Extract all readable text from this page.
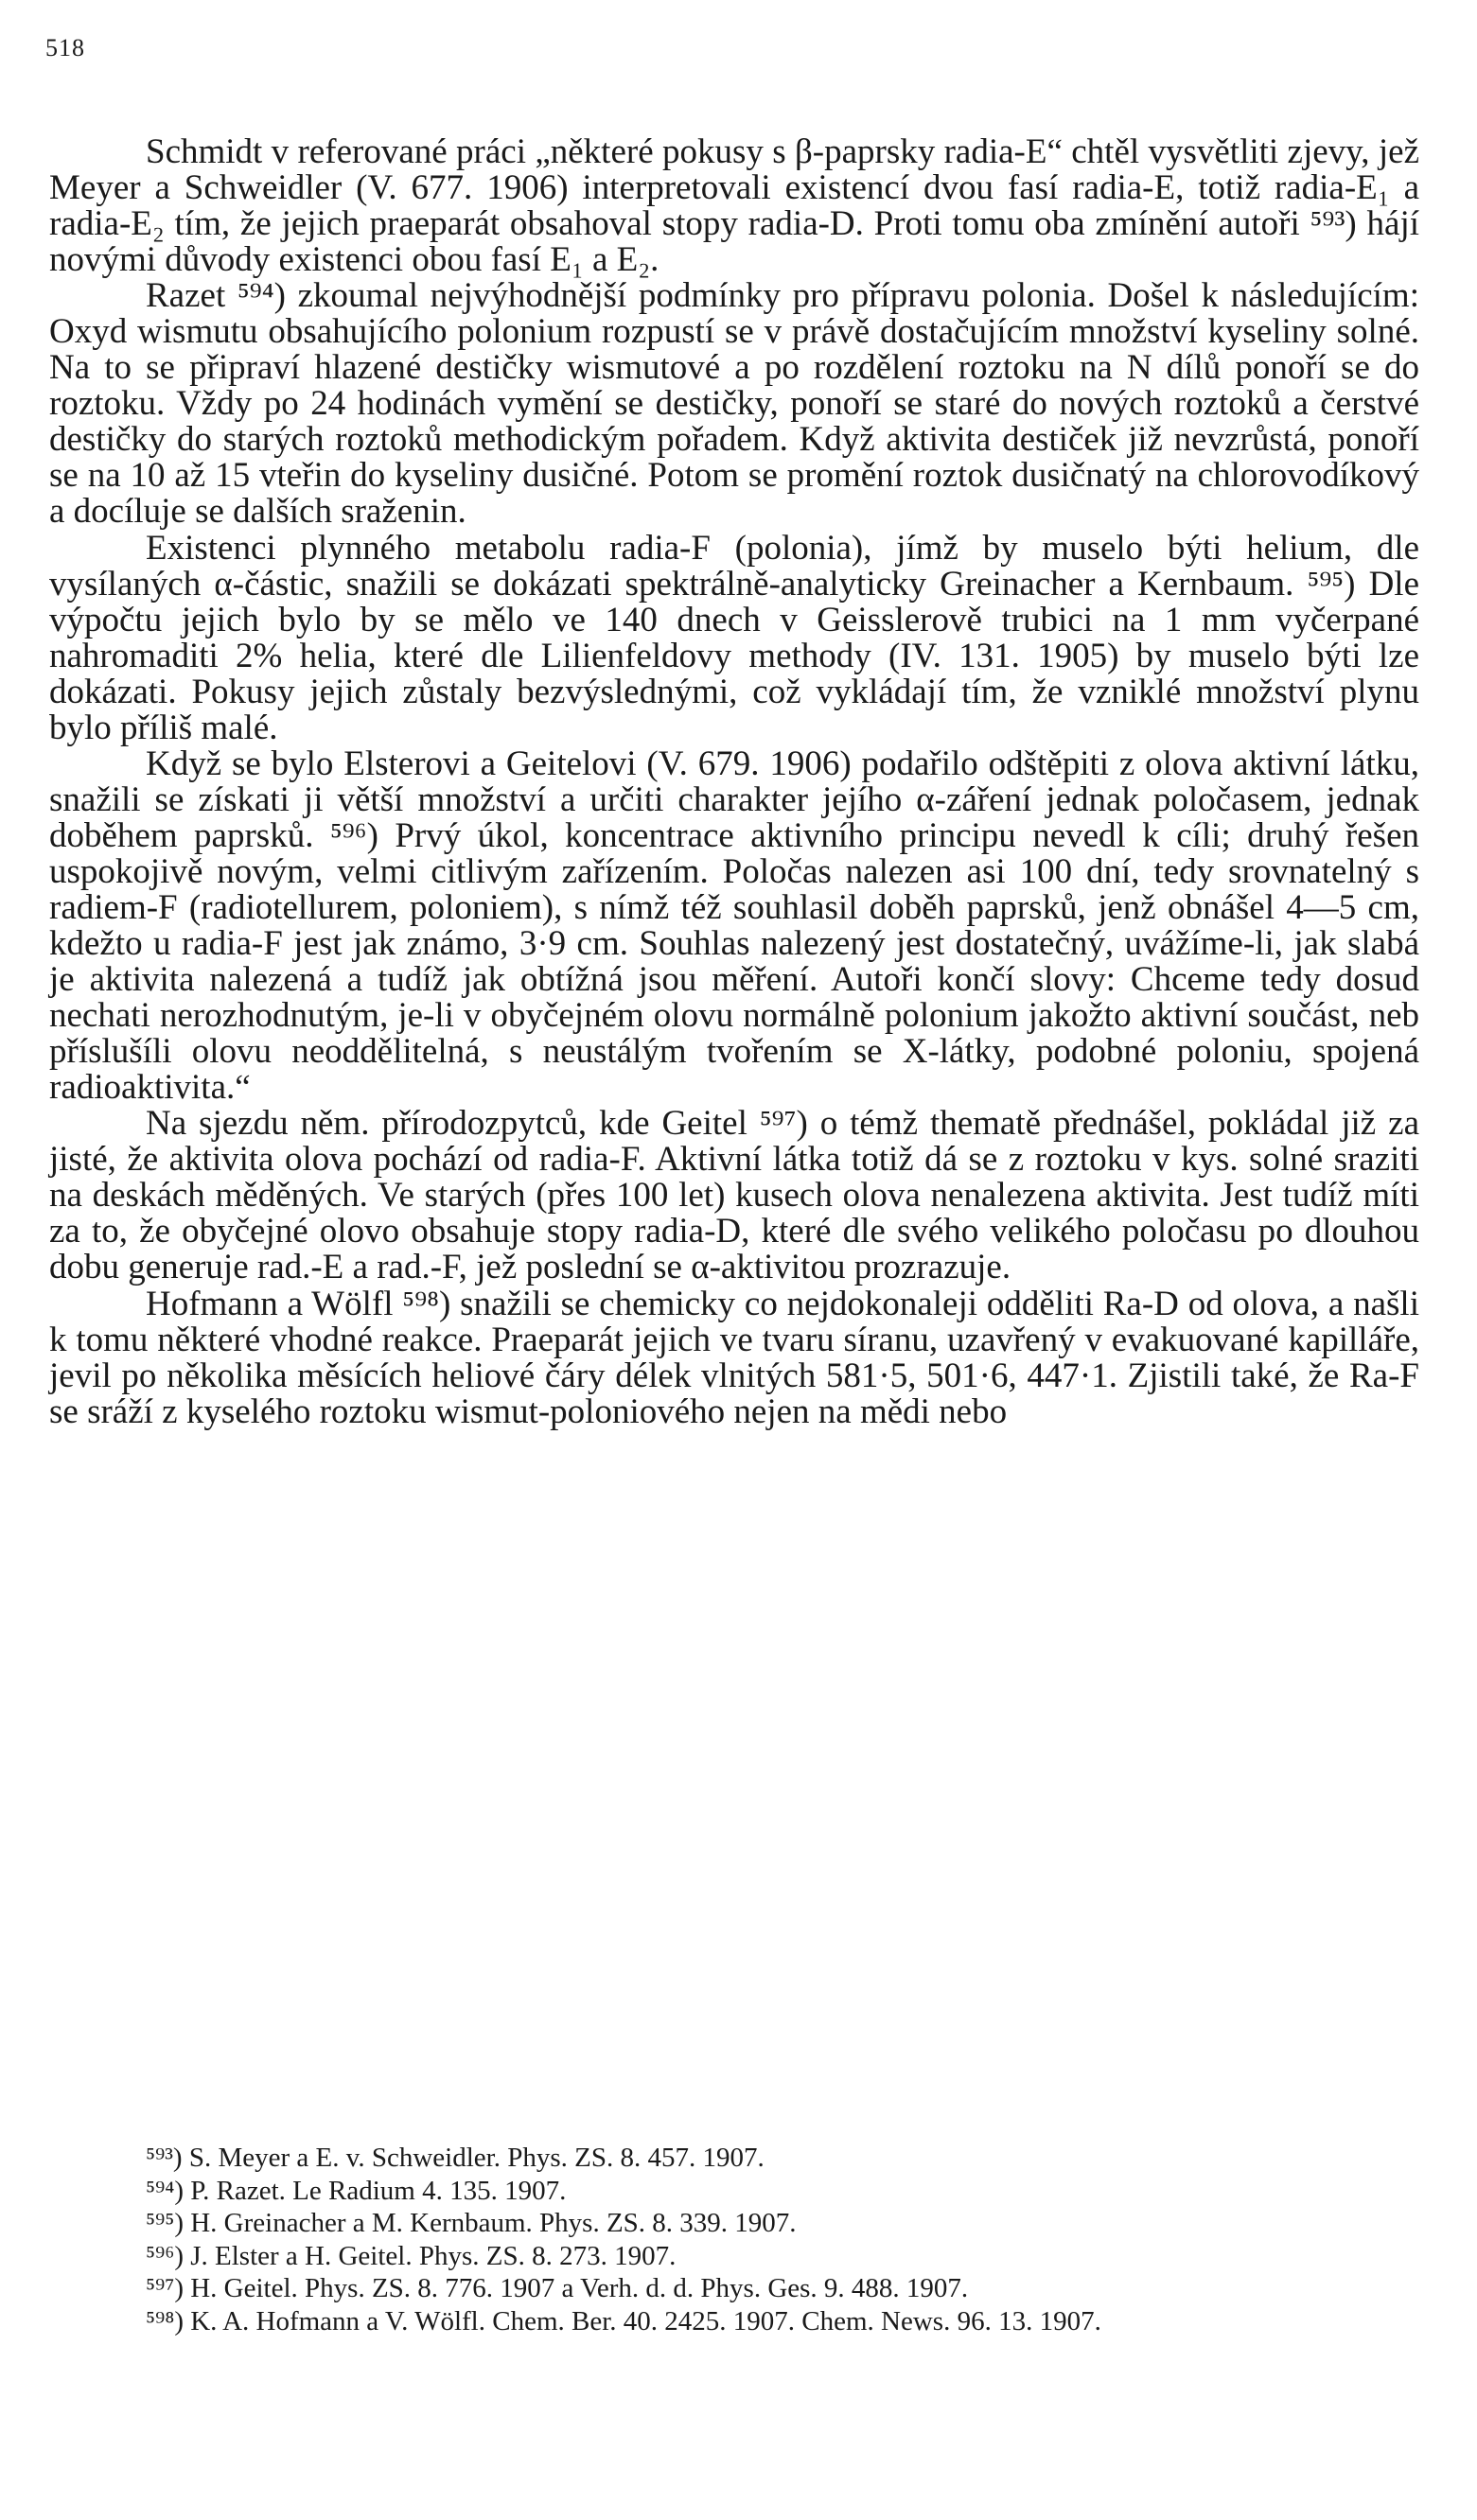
518

Schmidt v referované práci „některé pokusy s β-paprsky radia-E“ chtěl vysvětliti zjevy, jež Meyer a Schweidler (V. 677. 1906) interpretovali existencí dvou fasí radia-E, totiž radia-E₁ a radia-E₂ tím, že jejich praeparát obsahoval stopy radia-D. Proti tomu oba zmínění autoři ⁵⁹³) hájí novými důvody existenci obou fasí E₁ a E₂.

Razet ⁵⁹⁴) zkoumal nejvýhodnější podmínky pro přípravu polonia. Došel k následujícím: Oxyd wismutu obsahujícího polonium rozpustí se v právě dostačujícím množství kyseliny solné. Na to se připraví hlazené destičky wismutové a po rozdělení roztoku na N dílů ponoří se do roztoku. Vždy po 24 hodinách vymění se destičky, ponoří se staré do nových roztoků a čerstvé destičky do starých roztoků methodickým pořadem. Když aktivita destiček již nevzrůstá, ponoří se na 10 až 15 vteřin do kyseliny dusičné. Potom se promění roztok dusičnatý na chlorovodíkový a docíluje se dalších sraženin.

Existenci plynného metabolu radia-F (polonia), jímž by muselo býti helium, dle vysílaných α-částic, snažili se dokázati spektrálně-analyticky Greinacher a Kernbaum. ⁵⁹⁵) Dle výpočtu jejich bylo by se mělo ve 140 dnech v Geisslerově trubici na 1 mm vyčerpané nahromaditi 2% helia, které dle Lilienfeldovy methody (IV. 131. 1905) by muselo býti lze dokázati. Pokusy jejich zůstaly bezvýslednými, což vykládají tím, že vzniklé množství plynu bylo příliš malé.

Když se bylo Elsterovi a Geitelovi (V. 679. 1906) podařilo odštěpiti z olova aktivní látku, snažili se získati ji větší množství a určiti charakter jejího α-záření jednak poločasem, jednak doběhem paprsků. ⁵⁹⁶) Prvý úkol, koncentrace aktivního principu nevedl k cíli; druhý řešen uspokojivě novým, velmi citlivým zařízením. Poločas nalezen asi 100 dní, tedy srovnatelný s radiem-F (radiotellurem, poloniem), s nímž též souhlasil doběh paprsků, jenž obnášel 4—5 cm, kdežto u radia-F jest jak známo, 3·9 cm. Souhlas nalezený jest dostatečný, uvážíme-li, jak slabá je aktivita nalezená a tudíž jak obtížná jsou měření. Autoři končí slovy: Chceme tedy dosud nechati nerozhodnutým, je-li v obyčejném olovu normálně polonium jakožto aktivní součást, neb příslušíli olovu neoddělitelná, s neustálým tvořením se X-látky, podobné poloniu, spojená radioaktivita.“

Na sjezdu něm. přírodozpytců, kde Geitel ⁵⁹⁷) o témž thematě přednášel, pokládal již za jisté, že aktivita olova pochází od radia-F. Aktivní látka totiž dá se z roztoku v kys. solné sraziti na deskách měděných. Ve starých (přes 100 let) kusech olova nenalezena aktivita. Jest tudíž míti za to, že obyčejné olovo obsahuje stopy radia-D, které dle svého velikého poločasu po dlouhou dobu generuje rad.-E a rad.-F, jež poslední se α-aktivitou prozrazuje.

Hofmann a Wölfl ⁵⁹⁸) snažili se chemicky co nejdokonaleji odděliti Ra-D od olova, a našli k tomu některé vhodné reakce. Praeparát jejich ve tvaru síranu, uzavřený v evakuované kapilláře, jevil po několika měsících heliové čáry délek vlnitých 581·5, 501·6, 447·1. Zjistili také, že Ra-F se sráží z kyselého roztoku wismut-poloniového nejen na mědi nebo

⁵⁹³) S. Meyer a E. v. Schweidler. Phys. ZS. 8. 457. 1907.

⁵⁹⁴) P. Razet. Le Radium 4. 135. 1907.

⁵⁹⁵) H. Greinacher a M. Kernbaum. Phys. ZS. 8. 339. 1907.

⁵⁹⁶) J. Elster a H. Geitel. Phys. ZS. 8. 273. 1907.

⁵⁹⁷) H. Geitel. Phys. ZS. 8. 776. 1907 a Verh. d. d. Phys. Ges. 9. 488. 1907.

⁵⁹⁸) K. A. Hofmann a V. Wölfl. Chem. Ber. 40. 2425. 1907. Chem. News. 96. 13. 1907.
